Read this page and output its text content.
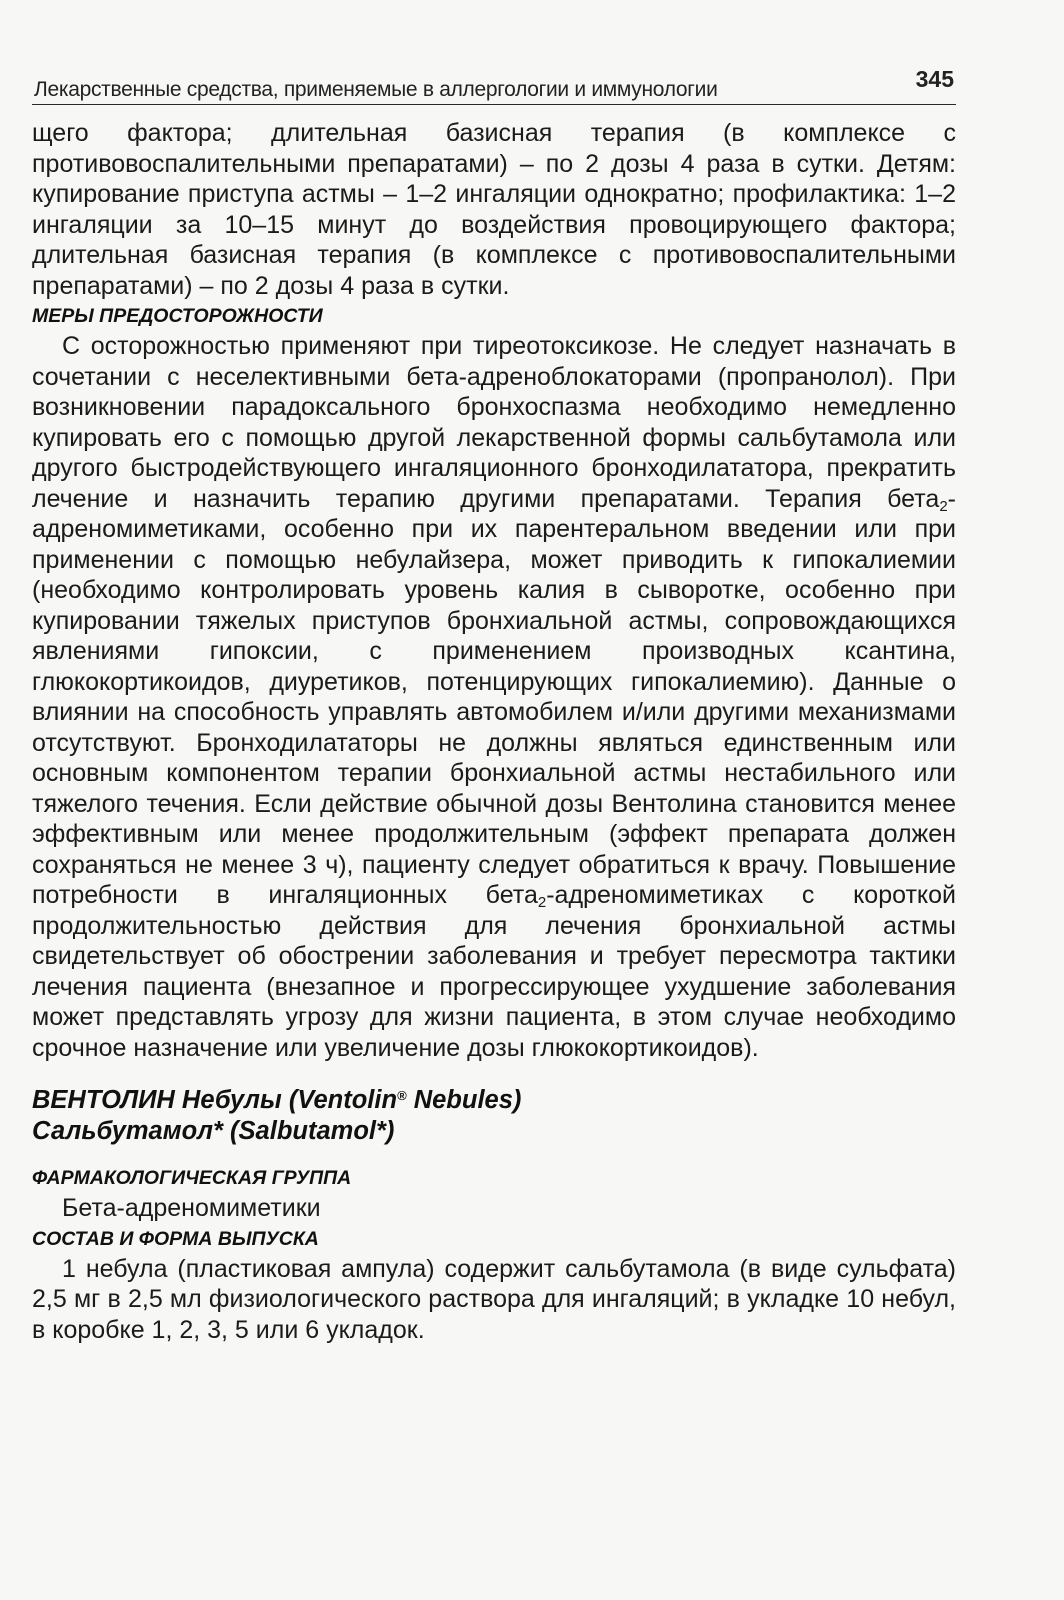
Лекарственные средства, применяемые в аллергологии и иммунологии	345

щего фактора; длительная базисная терапия (в комплексе с противовоспалительными препаратами) – по 2 дозы 4 раза в сутки. Детям: купирование приступа астмы – 1–2 ингаляции однократно; профилактика: 1–2 ингаляции за 10–15 минут до воздействия провоцирующего фактора; длительная базисная терапия (в комплексе с противовоспалительными препаратами) – по 2 дозы 4 раза в сутки.

МЕРЫ ПРЕДОСТОРОЖНОСТИ

С осторожностью применяют при тиреотоксикозе. Не следует назначать в сочетании с неселективными бета-адреноблокаторами (пропранолол). При возникновении парадоксального бронхоспазма необходимо немедленно купировать его с помощью другой лекарственной формы сальбутамола или другого быстродействующего ингаляционного бронходилататора, прекратить лечение и назначить терапию другими препаратами. Терапия бета$_2$-адреномиметиками, особенно при их парентеральном введении или при применении с помощью небулайзера, может приводить к гипокалиемии (необходимо контролировать уровень калия в сыворотке, особенно при купировании тяжелых приступов бронхиальной астмы, сопровождающихся явлениями гипоксии, с применением производных ксантина, глюкокортикоидов, диуретиков, потенцирующих гипокалиемию). Данные о влиянии на способность управлять автомобилем и/или другими механизмами отсутствуют. Бронходилататоры не должны являться единственным или основным компонентом терапии бронхиальной астмы нестабильного или тяжелого течения. Если действие обычной дозы Вентолина становится менее эффективным или менее продолжительным (эффект препарата должен сохраняться не менее 3 ч), пациенту следует обратиться к врачу. Повышение потребности в ингаляционных бета$_2$-адреномиметиках с короткой продолжительностью действия для лечения бронхиальной астмы свидетельствует об обострении заболевания и требует пересмотра тактики лечения пациента (внезапное и прогрессирующее ухудшение заболевания может представлять угрозу для жизни пациента, в этом случае необходимо срочное назначение или увеличение дозы глюкокортикоидов).

ВЕНТОЛИН Небулы (Ventolin® Nebules)
Сальбутамол* (Salbutamol*)
ФАРМАКОЛОГИЧЕСКАЯ ГРУППА

Бета-адреномиметики

СОСТАВ И ФОРМА ВЫПУСКА

1 небула (пластиковая ампула) содержит сальбутамола (в виде сульфата) 2,5 мг в 2,5 мл физиологического раствора для ингаляций; в укладке 10 небул, в коробке 1, 2, 3, 5 или 6 укладок.
